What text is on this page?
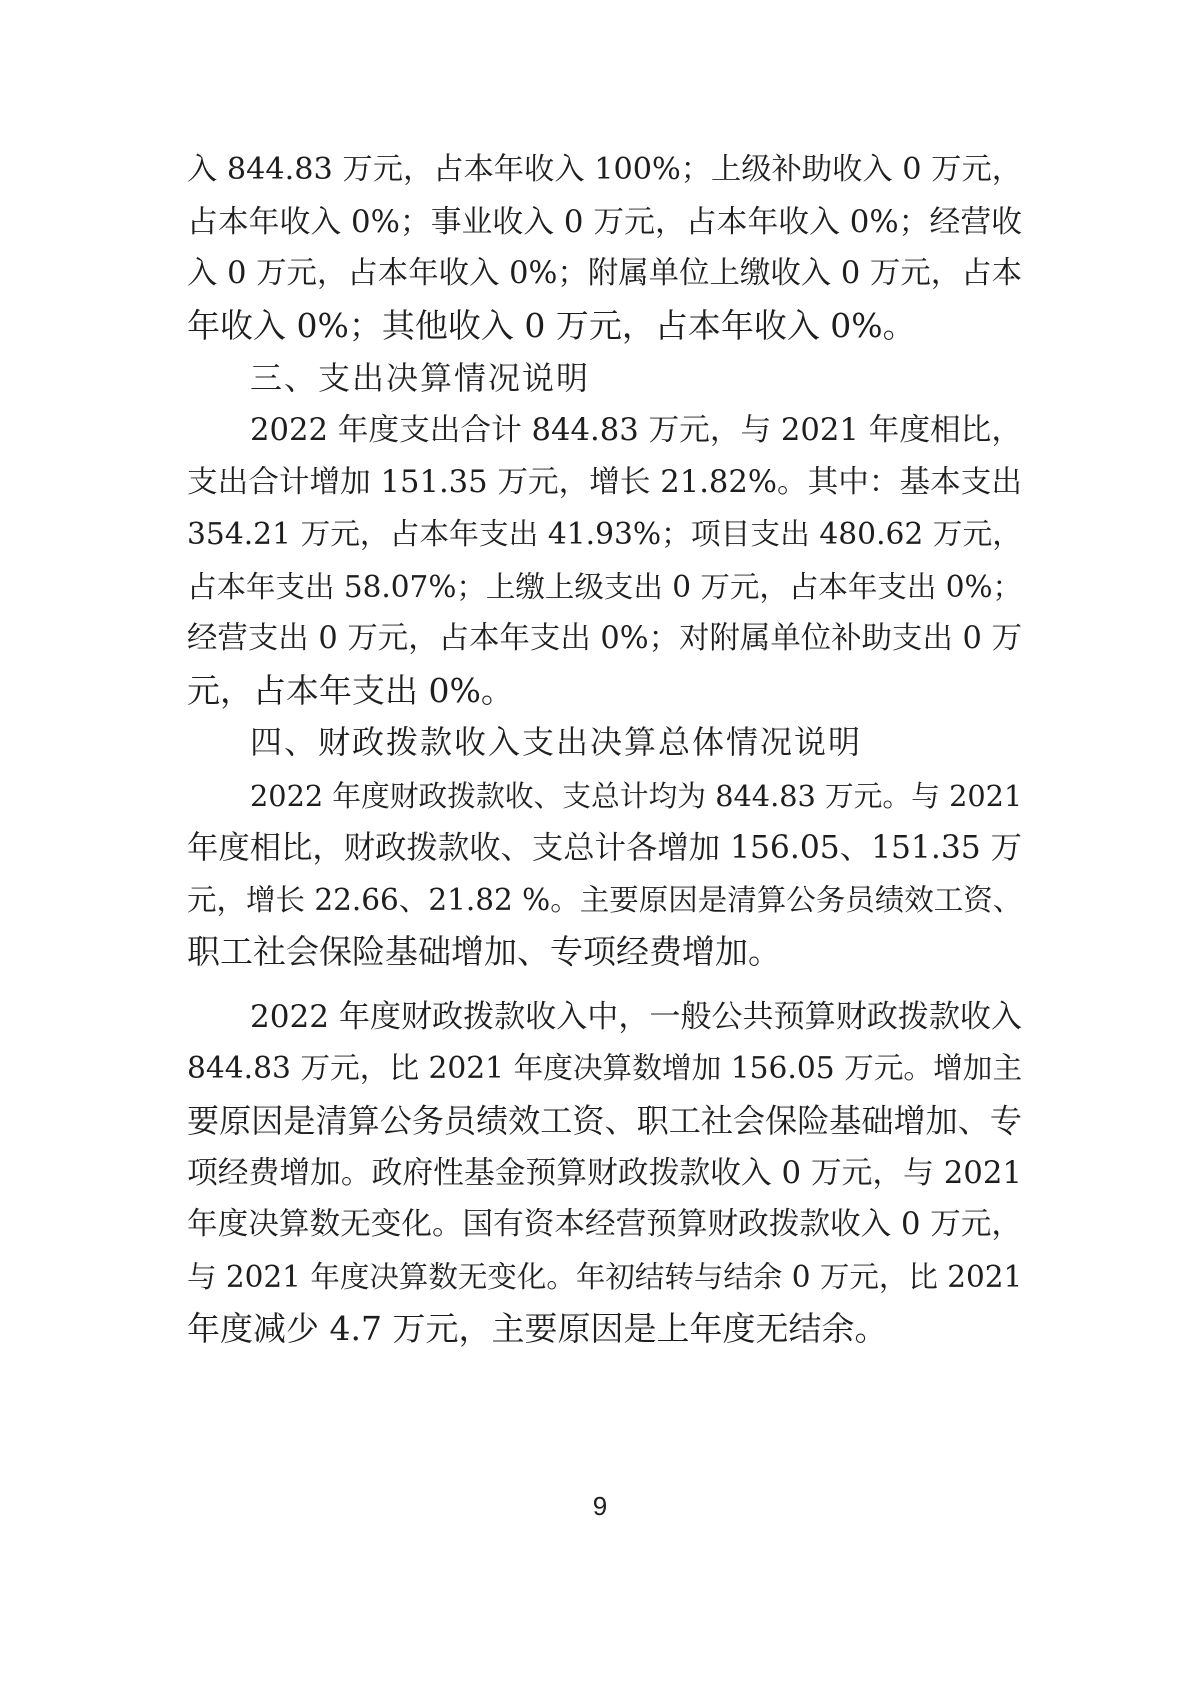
入 844.83 万元，占本年收入 100%；上级补助收入 0 万元，
占本年收入 0%；事业收入 0 万元，占本年收入 0%；经营收
入 0 万元，占本年收入 0%；附属单位上缴收入 0 万元，占本
年收入 0%；其他收入 0 万元，占本年收入 0%。
三、支出决算情况说明
2022 年度支出合计 844.83 万元，与 2021 年度相比，
支出合计增加 151.35 万元，增长 21.82%。其中：基本支出
354.21 万元，占本年支出 41.93%；项目支出 480.62 万元，
占本年支出 58.07%；上缴上级支出 0 万元，占本年支出 0%；
经营支出 0 万元，占本年支出 0%；对附属单位补助支出 0 万
元，占本年支出 0%。
四、财政拨款收入支出决算总体情况说明
2022 年度财政拨款收、支总计均为 844.83 万元。与 2021
年度相比，财政拨款收、支总计各增加 156.05、151.35 万
元，增长 22.66、21.82 %。主要原因是清算公务员绩效工资、
职工社会保险基础增加、专项经费增加。
2022 年度财政拨款收入中，一般公共预算财政拨款收入
844.83 万元，比 2021 年度决算数增加 156.05 万元。增加主
要原因是清算公务员绩效工资、职工社会保险基础增加、专
项经费增加。政府性基金预算财政拨款收入 0 万元，与 2021
年度决算数无变化。国有资本经营预算财政拨款收入 0 万元，
与 2021 年度决算数无变化。年初结转与结余 0 万元，比 2021
年度减少 4.7 万元，主要原因是上年度无结余。
9
